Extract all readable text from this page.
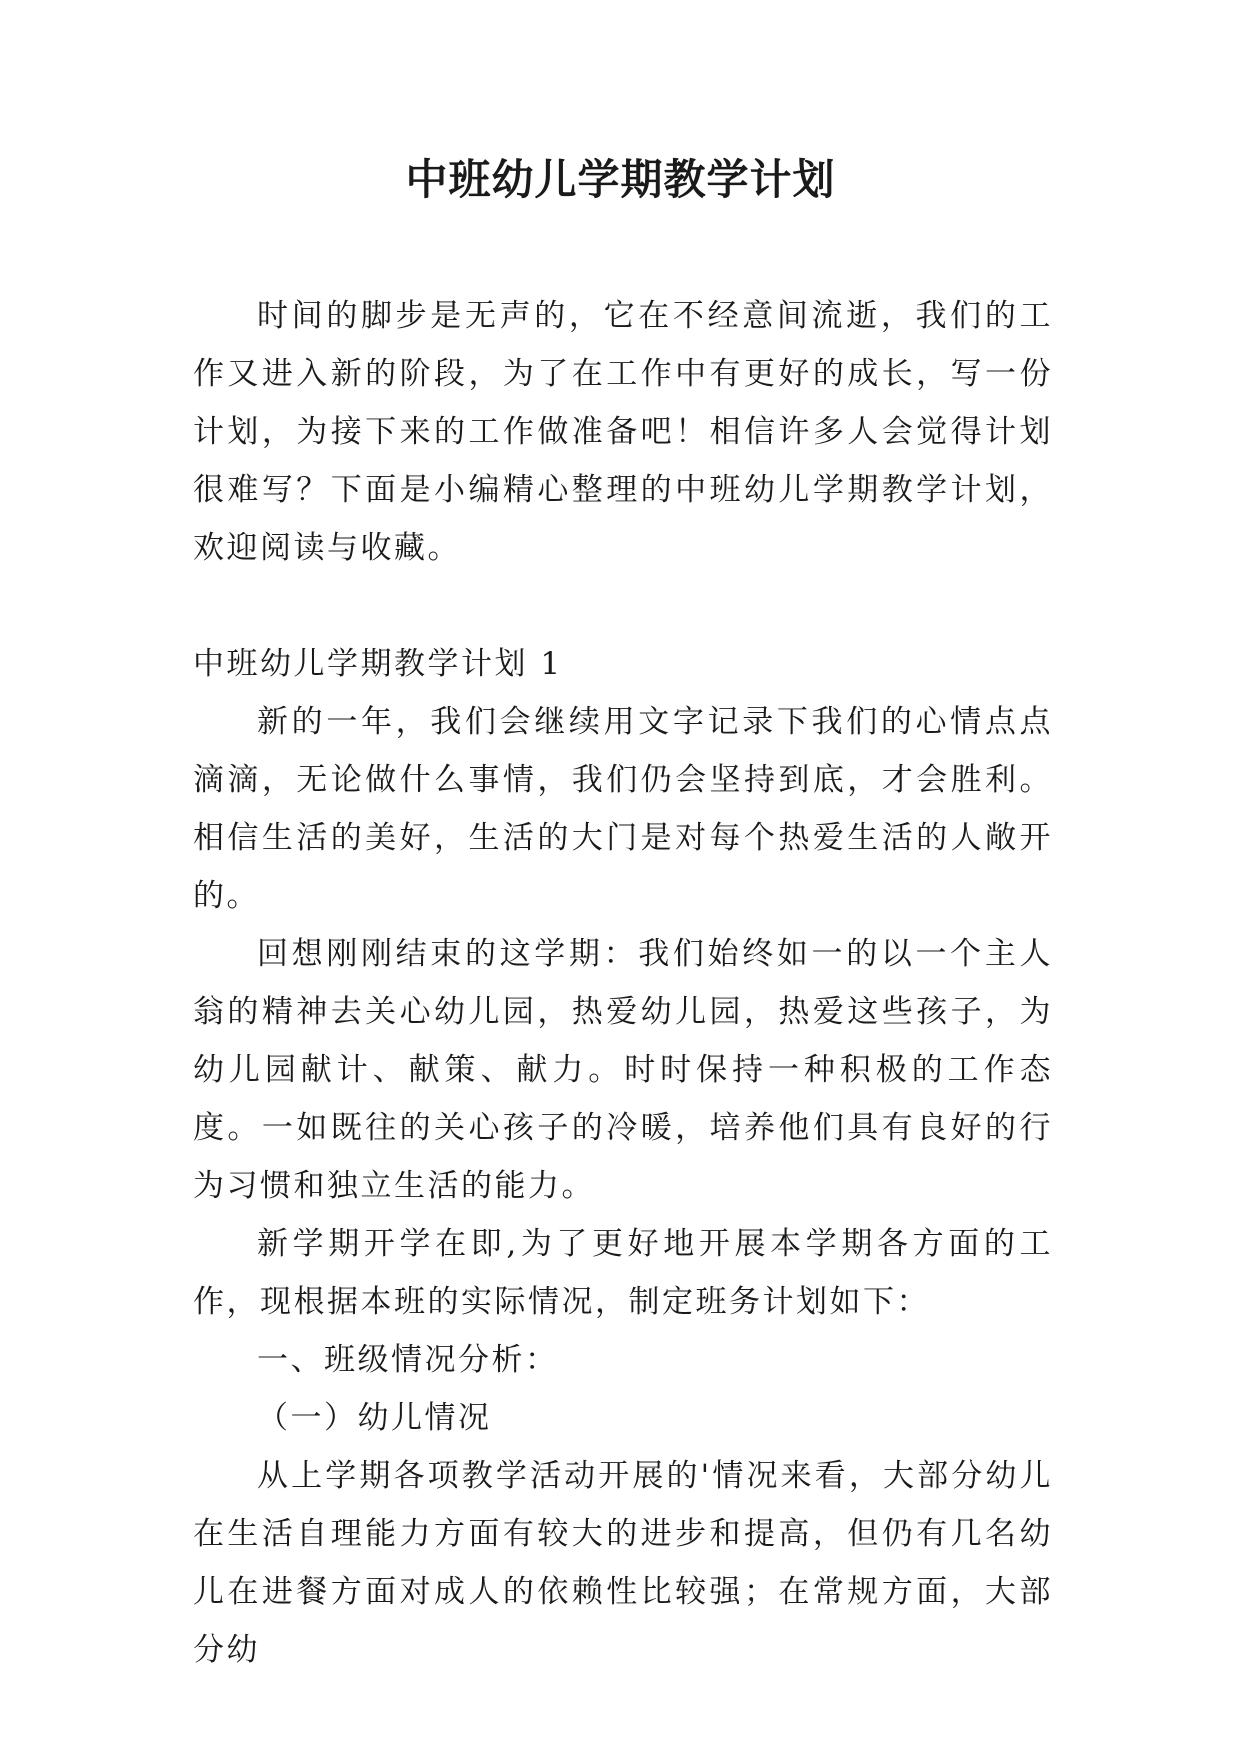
中班幼儿学期教学计划

时间的脚步是无声的，它在不经意间流逝，我们的工作又进入新的阶段，为了在工作中有更好的成长，写一份计划，为接下来的工作做准备吧！相信许多人会觉得计划很难写？下面是小编精心整理的中班幼儿学期教学计划，欢迎阅读与收藏。

中班幼儿学期教学计划 1

新的一年，我们会继续用文字记录下我们的心情点点滴滴，无论做什么事情，我们仍会坚持到底，才会胜利。相信生活的美好，生活的大门是对每个热爱生活的人敞开的。

回想刚刚结束的这学期：我们始终如一的以一个主人翁的精神去关心幼儿园，热爱幼儿园，热爱这些孩子，为幼儿园献计、献策、献力。时时保持一种积极的工作态度。一如既往的关心孩子的冷暖，培养他们具有良好的行为习惯和独立生活的能力。

新学期开学在即,为了更好地开展本学期各方面的工作，现根据本班的实际情况，制定班务计划如下：

一、班级情况分析：

（一）幼儿情况

从上学期各项教学活动开展的'情况来看，大部分幼儿在生活自理能力方面有较大的进步和提高，但仍有几名幼儿在进餐方面对成人的依赖性比较强；在常规方面，大部分幼
